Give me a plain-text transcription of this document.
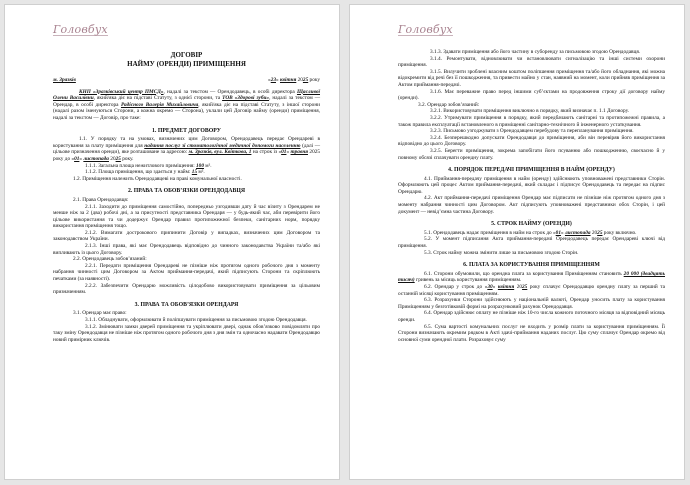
Головбух
ДОГОВІР
НАЙМУ (ОРЕНДИ) ПРИМІЩЕННЯ
м. Зразків	«23» квітня 2025 року
КНП «Зразківський центр ПМСД», надалі за текстом — Орендодавець, в особі директора Щасливої Олени Василівни, який/яка діє на підставі Статуту, з однієї сторони, та ТОВ «Здорові зуби», надалі за текстом — Орендар, в особі директора Радісного Валерія Михайловича, який/яка діє на підставі Статуту, з іншої сторони (надалі разом іменуються Сторони, а кожна окремо — Сторона), уклали цей Договір найму (оренди) приміщення, надалі за текстом — Договір, про таке:
1. ПРЕДМЕТ ДОГОВОРУ
1.1. У порядку та на умовах, визначених цим Договором, Орендодавець передає Орендареві в користування за плату приміщення для надання послуг зі стоматологічної медичної допомоги населенню (далі — цільове призначення оренди), яке розташоване за адресою: м. Зразків, вул. Квіткова, 1 на строк із «01» травня 2025 року до «01» листопада 2025 року.
1.1.1. Загальна площа нежитлового приміщення: 100 м².
1.1.2. Площа приміщення, що здається у найм: 15 м².
1.2. Приміщення належить Орендодавцеві на праві комунальної власності.
2. ПРАВА ТА ОБОВ’ЯЗКИ ОРЕНДОДАВЦЯ
2.1. Права Орендодавця:
2.1.1. Заходити до приміщення самостійно, попередньо узгодивши дату й час візиту з Орендарем не менше ніж за 2 (два) робочі дні, а за присутності представника Орендаря — у будь-який час, аби перевірити його цільове використання та чи додержує Орендар правил протипожежної безпеки, санітарних норм, порядку використання приміщення тощо.
2.1.2. Вимагати дострокового припинити Договір у випадках, визначених цим Договором та законодавством України.
2.1.3. Інші права, які має Орендодавець відповідно до чинного законодавства України та/або які випливають із цього Договору.
2.2. Орендодавець зобов’язаний:
2.2.1. Передати приміщення Орендареві не пізніше ніж протягом одного робочого дня з моменту набрання чинності цим Договором за Актом приймання-передачі, який підписують Сторони та скріплюють печатками (за наявності).
2.2.2. Забезпечити Орендарю можливість цілодобово використовувати приміщення за цільовим призначенням.
3. ПРАВА ТА ОБОВ’ЯЗКИ ОРЕНДАРЯ
3.1. Орендар має право:
3.1.1. Обладнувати, оформлювати й поліпшувати приміщення за письмовою згодою Орендодавця.
3.1.2. Змінювати замки дверей приміщення та укріплювати двері, однак обов’язково повідомляти про таку зміну Орендодавця не пізніше ніж протягом одного робочого дня з дня змін та одночасно надавати Орендодавцю новий примірник ключів.
Головбух
3.1.3. Здавати приміщення або його частину в суборенду за письмовою згодою Орендодавця.
3.1.4. Ремонтувати, відновлювати чи встановлювати сигналізацію та інші системи охорони приміщення.
3.1.5. Вилучити зроблені власним коштом поліпшення приміщення та/або його обладнання, які можна відокремити від речі без її пошкодження, та привести майно у стан, наявний на момент, коли прийняв приміщення за Актом приймання-передачі.
3.1.6. Має переважне право перед іншими суб’єктами на продовження строку дії договору найму (оренди).
3.2. Орендар зобов’язаний:
3.2.1. Використовувати приміщення виключно в порядку, який визначає п. 1.1 Договору.
3.2.2. Утримувати приміщення в порядку, який передбачають санітарні та протипожежні правила, а також правила експлуатації встановленого в приміщенні санітарно-технічного й інженерного устаткування.
3.2.3. Письмово узгоджувати з Орендодавцем перебудову та перепланування приміщення.
3.2.4. Безперешкодно допускати Орендодавця до приміщення, аби він перевіряв його використання відповідно до цього Договору.
3.2.5. Берегти приміщення, зокрема запобігати його псуванню або пошкодженню, своєчасно й у повному обсязі сплачувати орендну плату.
4. ПОРЯДОК ПЕРЕДАЧІ ПРИМІЩЕННЯ В НАЙМ (ОРЕНДУ)
4.1. Приймання-передачу приміщення в найм (оренду) здійснюють уповноважені представники Сторін. Оформлюють цей процес Актом приймання-передачі, який складає і підписує Орендодавець та передає на підпис Орендарю.
4.2. Акт приймання-передачі приміщення Орендар має підписати не пізніше ніж протягом одного дня з моменту набрання чинності цим Договором. Акт підписують уповноважені представники обох Сторін, і цей документ — невід’ємна частина Договору.
5. СТРОК НАЙМУ (ОРЕНДИ)
5.1. Орендодавець надає приміщення в найм на строк до «01» листопада 2025 року включно.
5.2. У момент підписання Акта приймання-передачі Орендодавець передає Орендареві ключі від приміщення.
5.3. Строк найму можна змінити лише за письмовою згодою Сторін.
6. ПЛАТА ЗА КОРИСТУВАННЯ ПРИМІЩЕННЯМ
6.1. Сторони обумовили, що орендна плата за користування Приміщенням становить 20 000 (двадцять тисяч) гривень за місяць користування приміщенням.
6.2. Орендар у строк до «30» квітня 2025 року сплачує Орендодавцю орендну плату за перший та останній місяці користування приміщенням.
6.3. Розрахунки Сторони здійснюють у національній валюті, Орендар уносить плату за користування Приміщенням у безготівковій формі на розрахунковий рахунок Орендодавця.
6.4. Орендар здійснює оплату не пізніше ніж 10-го числа кожного поточного місяця за відповідний місяць оренди.
6.5. Сума вартості комунальних послуг не входить у розмір плати за користування приміщенням. Її Сторони визначають окремим рядком в Акті здачі-приймання наданих послуг. Цю суму сплачує Орендар окремо від основної суми орендної плати. Розраховує суму
